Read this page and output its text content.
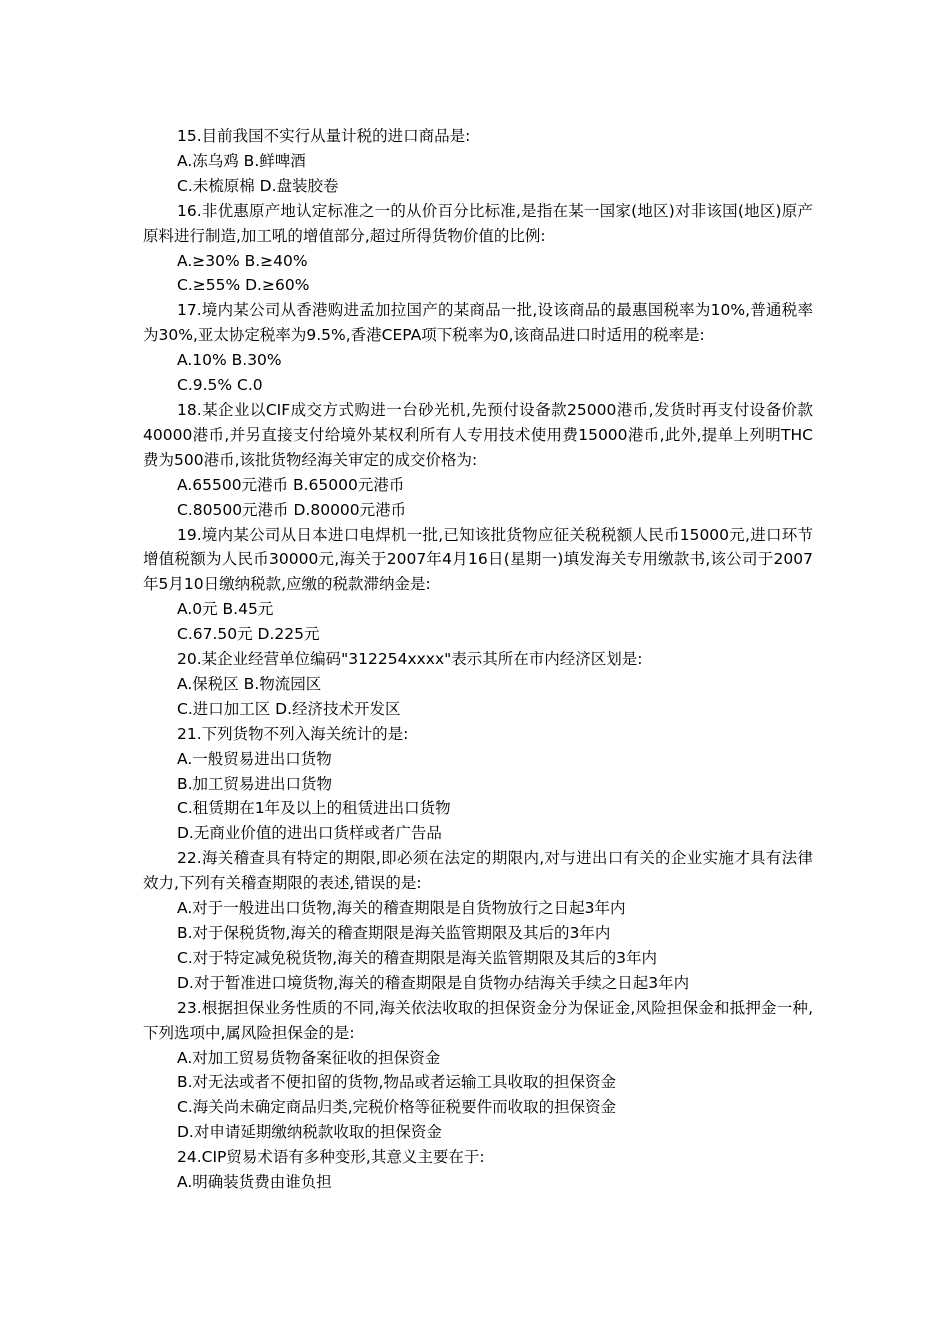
15.目前我国不实行从量计税的进口商品是:
A.冻乌鸡 B.鲜啤酒
C.未梳原棉 D.盘装胶卷
16.非优惠原产地认定标准之一的从价百分比标准,是指在某一国家(地区)对非该国(地区)原产原料进行制造,加工吼的增值部分,超过所得货物价值的比例:
A.≥30% B.≥40%
C.≥55% D.≥60%
17.境内某公司从香港购进孟加拉国产的某商品一批,设该商品的最惠国税率为10%,普通税率为30%,亚太协定税率为9.5%,香港CEPA项下税率为0,该商品进口时适用的税率是:
A.10% B.30%
C.9.5% C.0
18.某企业以CIF成交方式购进一台砂光机,先预付设备款25000港币,发货时再支付设备价款40000港币,并另直接支付给境外某权利所有人专用技术使用费15000港币,此外,提单上列明THC费为500港币,该批货物经海关审定的成交价格为:
A.65500元港币 B.65000元港币
C.80500元港币 D.80000元港币
19.境内某公司从日本进口电焊机一批,已知该批货物应征关税税额人民币15000元,进口环节增值税额为人民币30000元,海关于2007年4月16日(星期一)填发海关专用缴款书,该公司于2007年5月10日缴纳税款,应缴的税款滞纳金是:
A.0元 B.45元
C.67.50元 D.225元
20.某企业经营单位编码"312254xxxx"表示其所在市内经济区划是:
A.保税区 B.物流园区
C.进口加工区 D.经济技术开发区
21.下列货物不列入海关统计的是:
A.一般贸易进出口货物
B.加工贸易进出口货物
C.租赁期在1年及以上的租赁进出口货物
D.无商业价值的进出口货样或者广告品
22.海关稽查具有特定的期限,即必须在法定的期限内,对与进出口有关的企业实施才具有法律效力,下列有关稽查期限的表述,错误的是:
A.对于一般进出口货物,海关的稽查期限是自货物放行之日起3年内
B.对于保税货物,海关的稽查期限是海关监管期限及其后的3年内
C.对于特定减免税货物,海关的稽查期限是海关监管期限及其后的3年内
D.对于暂准进口境货物,海关的稽查期限是自货物办结海关手续之日起3年内
23.根据担保业务性质的不同,海关依法收取的担保资金分为保证金,风险担保金和抵押金一种,下列选项中,属风险担保金的是:
A.对加工贸易货物备案征收的担保资金
B.对无法或者不便扣留的货物,物品或者运输工具收取的担保资金
C.海关尚未确定商品归类,完税价格等征税要件而收取的担保资金
D.对申请延期缴纳税款收取的担保资金
24.CIP贸易术语有多种变形,其意义主要在于:
A.明确装货费由谁负担
